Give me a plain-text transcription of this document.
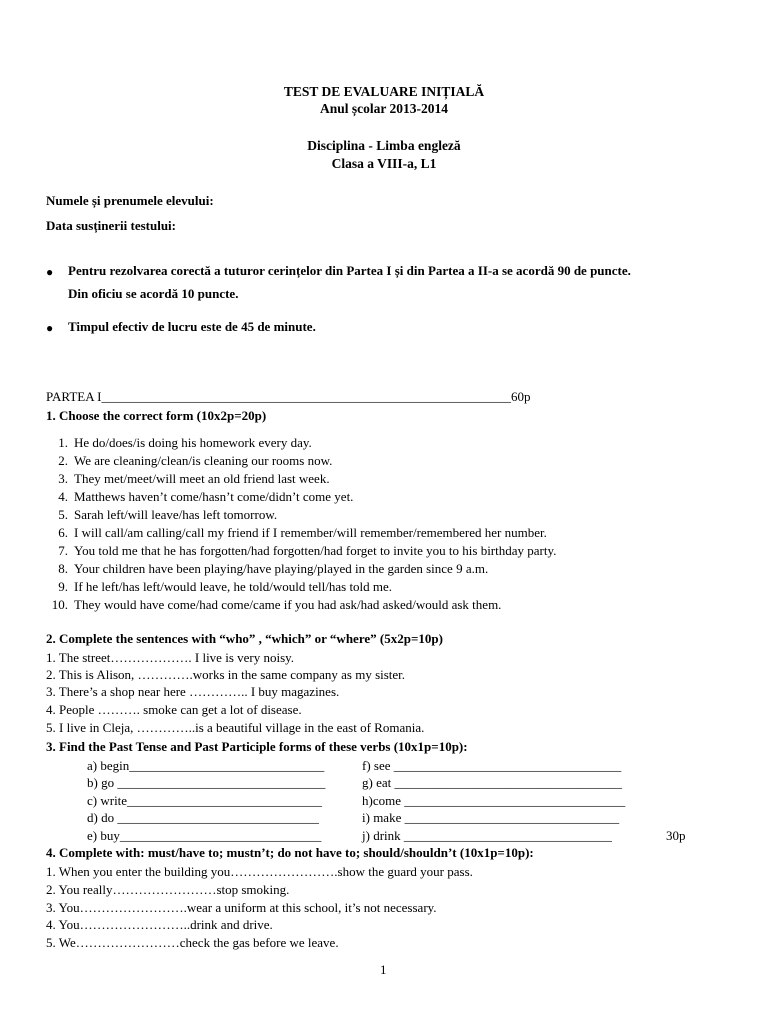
TEST DE EVALUARE INIȚIALĂ
Anul școlar 2013-2014
Disciplina - Limba engleză
Clasa a VIII-a, L1
Numele și prenumele elevului:
Data susținerii testului:
● Pentru rezolvarea corectă a tuturor cerințelor din Partea I și din Partea a II-a se acordă 90 de puncte.
Din oficiu se acordă 10 puncte.
● Timpul efectiv de lucru este de 45 de minute.
PARTEA I_______________________________________________________________60p
1. Choose the correct form (10x2p=20p)
1. He do/does/is doing his homework every day.
2. We are cleaning/clean/is cleaning our rooms now.
3. They met/meet/will meet an old friend last week.
4. Matthews haven’t come/hasn’t come/didn’t come yet.
5. Sarah left/will leave/has left tomorrow.
6. I will call/am calling/call my friend if I remember/will remember/remembered her number.
7. You told me that he has forgotten/had forgotten/had forget to invite you to his birthday party.
8. Your children have been playing/have playing/played in the garden since 9 a.m.
9. If he left/has left/would leave, he told/would tell/has told me.
10. They would have come/had come/came if you had ask/had asked/would ask them.
2. Complete the sentences with “who” , “which” or “where” (5x2p=10p)
1. The street………………. I live is very noisy.
2. This is Alison, ………….works in the same company as my sister.
3. There’s a shop near here ………….. I buy magazines.
4. People ………. smoke can get a lot of disease.
5. I live in Cleja, …………..is a beautiful village in the east of Romania.
3. Find the Past Tense and Past Participle forms of these verbs (10x1p=10p):
a) begin______________________________
b) go ________________________________
c) write______________________________
d) do _______________________________
e) buy_______________________________
f) see ___________________________________
g) eat ___________________________________
h)come __________________________________
i) make _________________________________
j) drink ________________________________	30p
4. Complete with: must/have to; mustn’t; do not have to; should/shouldn’t (10x1p=10p):
1. When you enter the building you…………………….show the guard your pass.
2. You really……………………stop smoking.
3. You…………………….wear a uniform at this school, it’s not necessary.
4. You……………………..drink and drive.
5. We……………………check the gas before we leave.
1
